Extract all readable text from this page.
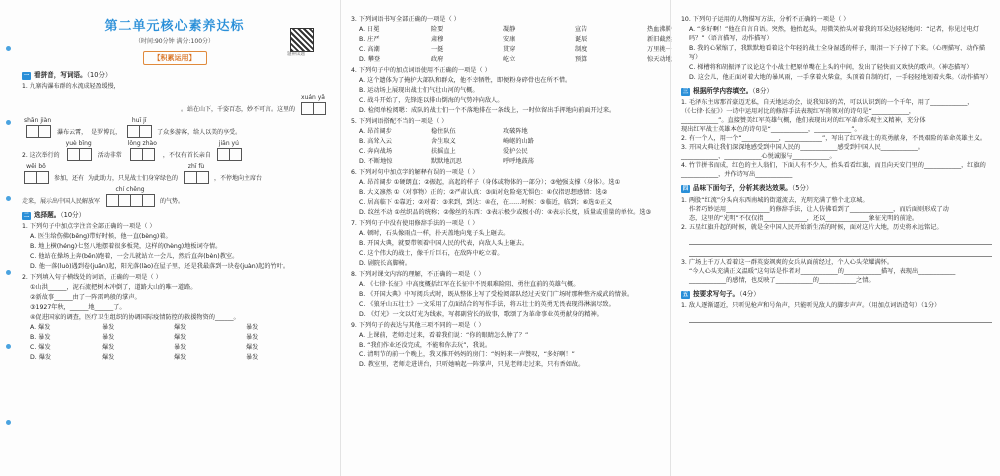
第二单元核心素养达标
（时间:90分钟 满分:100分）
题辨读题
【积累运用】
一 看拼音，写词语。（10分）
1. 九寨沟瀑布群的水流成轻盈缓慢，
。站在山下，千姿百态，妙不可言。这里的
xuán yǎ
shān jiàn
瀑布云霄， 是罗博瓦，
huī jī
了众多游客，给人以美的享受。
2. 这次举行的
yuè bīng
活动非常
lǒng zhào
，不仅有首长亲自
jiān yú
wēi bō
参加，还有 为此助力，只见战士们身穿绿色的
zhī fù
，不停地向主席台
走来，展示出中国人民解放军
chí chěng
的气势。
二 选择题。（10分）
1. 下列句子中加点字注音全部正确的一项是（ ）
A. 医生给伤佛(bēng)带好时候，他一直(bèng)着。
B. 地上横(héng)七竖八地摆着很多板凳，这样的(hèng)地板词夺情。
C. 他站在操场上奔(bēn)跑着，一会儿就站立一会儿，然后直奔(bèn)教室。
D. 他一落(luò)遇到卷(juǎn)起，阳光落(lào)在屋子里，还是我最落到一块卷(juàn)起的竹叶。
2. 下列填入句子横线处的词语，正确的一项是（ ）
①山洪______，泥石流把树木冲倒了，道路大山的唯一道路。
②新故事______由了一阵雷鸣般的掌声。
③1927年秋，______地______了。
④促进国家的调查，医疗卫生组织的协调国际疫情防控的救援物资的______。
A. 爆发	暴发	爆发	暴发
B. 暴发	暴发	爆发	暴发
C. 爆发	爆发	暴发	爆发
D. 爆发	爆发	爆发	暴发
3. 下列词语书写全部正确的一项是（ ）
A. 日冕	险要	凝静	宣告	热血沸腾
B. 庄严	肃穆	安康	诞辰	新旧截然
C. 高潮	一挺	贯穿	制度	万里挑一
D. 攀登	政府	屹立	预算	惊天动地
4. 下列句子中的加点词语使用不正确的一项是（ ）
A. 这个遗体为了掩护大部队和群众，他不幸牺牲，即便粉身碎骨也在所不惜。
B. 运动场上展现出战士们气壮山河的气概。
C. 战斗开始了，先锋连以排山倒海的气势冲向敌人。
D. 检阅单检阅嗯：成队的战士们一个不落地排在一条线上，一时位留出手挥地向前面开过来。
5. 下列词语搭配不当的一项是（ ）
A. 昂首阔步	稳住队伍	攻破阵地
B. 高耸入云	舍生取义	崎岖的山路
C. 奔向战场	扶摇直上	爱护公民
D. 不断地惊	默默地沉思	呼呼地鼓荡
6. 下列对句中加点字的解释有误的一项是（ ）
A. 昂首阔步 ①硬朗直；②振起，高起的样子（身体或物体的一部分）；③勉强支撑（身体）。选①
B. 大义凛然 ①（对事物）正的；②严肃认真：③面对危险毫无惧色：④仅指思想感情：选②
C. 居高临下 ①靠近；②对着：③来到，到达：④在，在……时候：⑤临近，临到；⑥选①正义
D. 纹丝不动 ①丝织品的统称；②像丝的东西：③表示极少或极小的：④表示长度，质量或重量的单位。选③
7. 下列句子中没有使用修辞手法的一项是（ ）
A. 顿时，石头像雨点一样，扑天盖地向鬼子头上砸去。
B. 开国大典，就要带领着中国人民的代表，向敌人头上砸去。
C. 这个伟大的战士，像千斤巨石，在敌阵中屹立着。
D. 剧院长高脚椅。
8. 下列对课文内容的理解，不正确的一项是（ ）
A. 《七律·长征》中高度概括红军在长征中不畏艰难险阻、勇往直前的英雄气概。
B. 《开国大典》中写阅兵式时，既从整体上写了受检阅部队经过天安门广场时那种整齐威武的情景。
C. 《狼牙山五壮士》一文采用了点面结合的写作手法，将五壮士的英勇无畏表现得淋漓尽致。
D. 《灯光》一文以灯光为线索，写郝副营长的故事，歌颂了为革命事业英勇献身的精神。
9. 下列句子的表达与其他三项不同的一项是（ ）
A. 上课前，老师走过来，看着我们说：“你的眼睛怎么肿了？”
B. “我们作业还没完成，不能和你去玩”，我说。
C. 清明节的前一个晚上，我又推开妈妈的房门：“妈妈来一声赞叹，“多好啊！”
D. 教室里，老师走进讲台，只听她响起一阵掌声，只见老师走过来，只有香如故。
10. 下列句子运用的人物描写方法，分析不正确的一项是（ ）
A. “多好啊！”他在自言自语。突然，他抬起头，用微笑抬头对着我的耳朵边轻轻地问：“记者，你见过电灯吗？”（语言描写，动作描写）
B. 我的心紧缩了，我默默地看着这个年轻的战士全身湿透的样子，眼泪一下子掉了下来。（心理描写、动作描写）
C. 梯槽将和胡振泽了议论这个小战士把原单嘴在上头的中间，发出了轻快而又欢快的歌声。（神态描写）
D. 这会儿，他正面对着大地的暴风雨，一手拿着火柴盒，头顶着自制的灯，一手轻轻地划着火柴。（动作描写）
三 根据所学内容填空。（8分）
1. 毛泽东主席那首豪迈无私，自天地运动会，说我知识的苦，可以认识到的一个千年，用了____________，
（《七律·长征》）一诗中运用对比的修辞手法表现红军将领对的诗句是“____________，
____________”。直接赞美红军英雄气概，他们表现出对的红军革命乐观主义精神，充分体
现出红军战士英雄本色的诗句是“____________，____________”。
2. 有一个人，用一个“____________，____________”，写出了红军战士的英勇献身，不畏艰险的革命英雄主义。
3. 开国大典让我们深深地感受到中国人民的____________感受到中国人民____________。
____________、____________心悦诚服与____________。
4. 竹节拼书而成，红色的主人翁们，下面人有不少人，抬头看看红旗，而且向天安门里的____________，红旗的____________，并作诗写出____________
四 品味下面句子，分析其表达效果。（5分）
1. 两股“红流”分头向东西南城的街道流去，光明充满了整个北京城。
作者巧妙运用______________的修辞手法，让人仿佛看到了______________，而后面则形成了动
态，这里的“光明”不仅仅指______________，还以______________象征光明的前途。
2. 五星红旗升起的时候，就是全中国人民开始新生活的时候，面对这片大地，历史将永远铭记。
3. 广场上千万人看着这一群英姿飒爽的女兵从面前经过，个人心头荣耀满怀。
“今人心头充满正义温暖”这句话是作者对____________的____________描写，表现出____________
____________的感情，也反映了____________的____________之情。
五 按要求写句子。（4分）
1. 敌人逐渐逼近，只听见枪声和号角声，只能听见敌人的脚步声声。（用加点词语造句）（1分）
